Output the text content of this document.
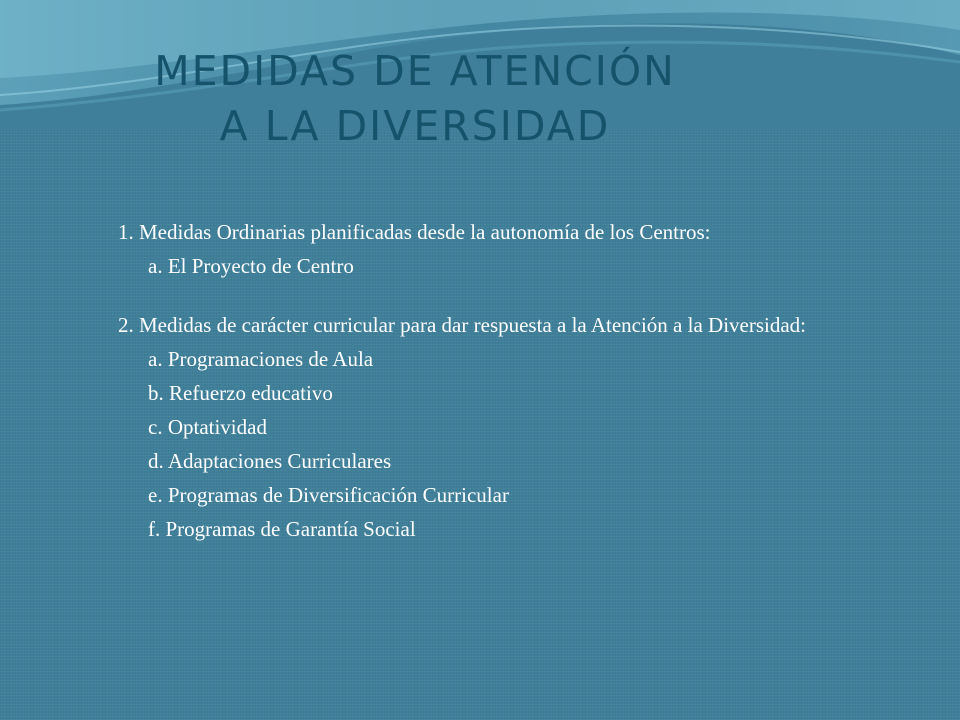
MEDIDAS DE ATENCIÓN
A LA DIVERSIDAD

1. Medidas Ordinarias planificadas desde la autonomía de los Centros:

a. El Proyecto de Centro

2. Medidas de carácter curricular para dar respuesta a la Atención a la Diversidad:

a. Programaciones de Aula

b. Refuerzo educativo

c. Optatividad

d. Adaptaciones Curriculares

e. Programas de Diversificación Curricular

f. Programas de Garantía Social
